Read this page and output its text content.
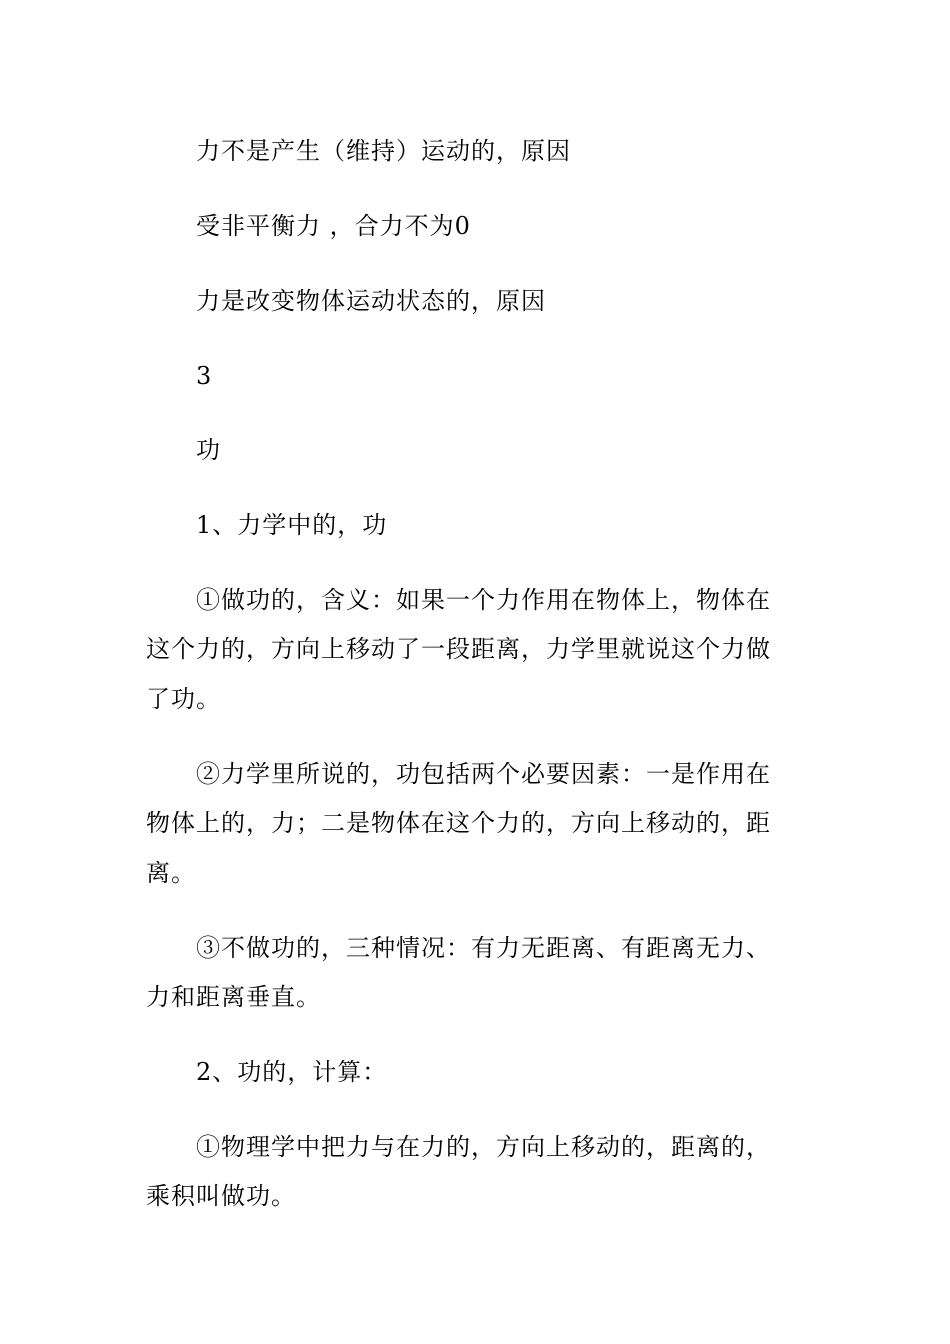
力不是产生（维持）运动的，原因
受非平衡力 ，合力不为0
力是改变物体运动状态的，原因
3
功
1、力学中的，功
①做功的，含义：如果一个力作用在物体上，物体在
这个力的，方向上移动了一段距离，力学里就说这个力做
了功。
②力学里所说的，功包括两个必要因素：一是作用在
物体上的，力；二是物体在这个力的，方向上移动的，距
离。
③不做功的，三种情况：有力无距离、有距离无力、
力和距离垂直。
2、功的，计算：
①物理学中把力与在力的，方向上移动的，距离的，
乘积叫做功。
